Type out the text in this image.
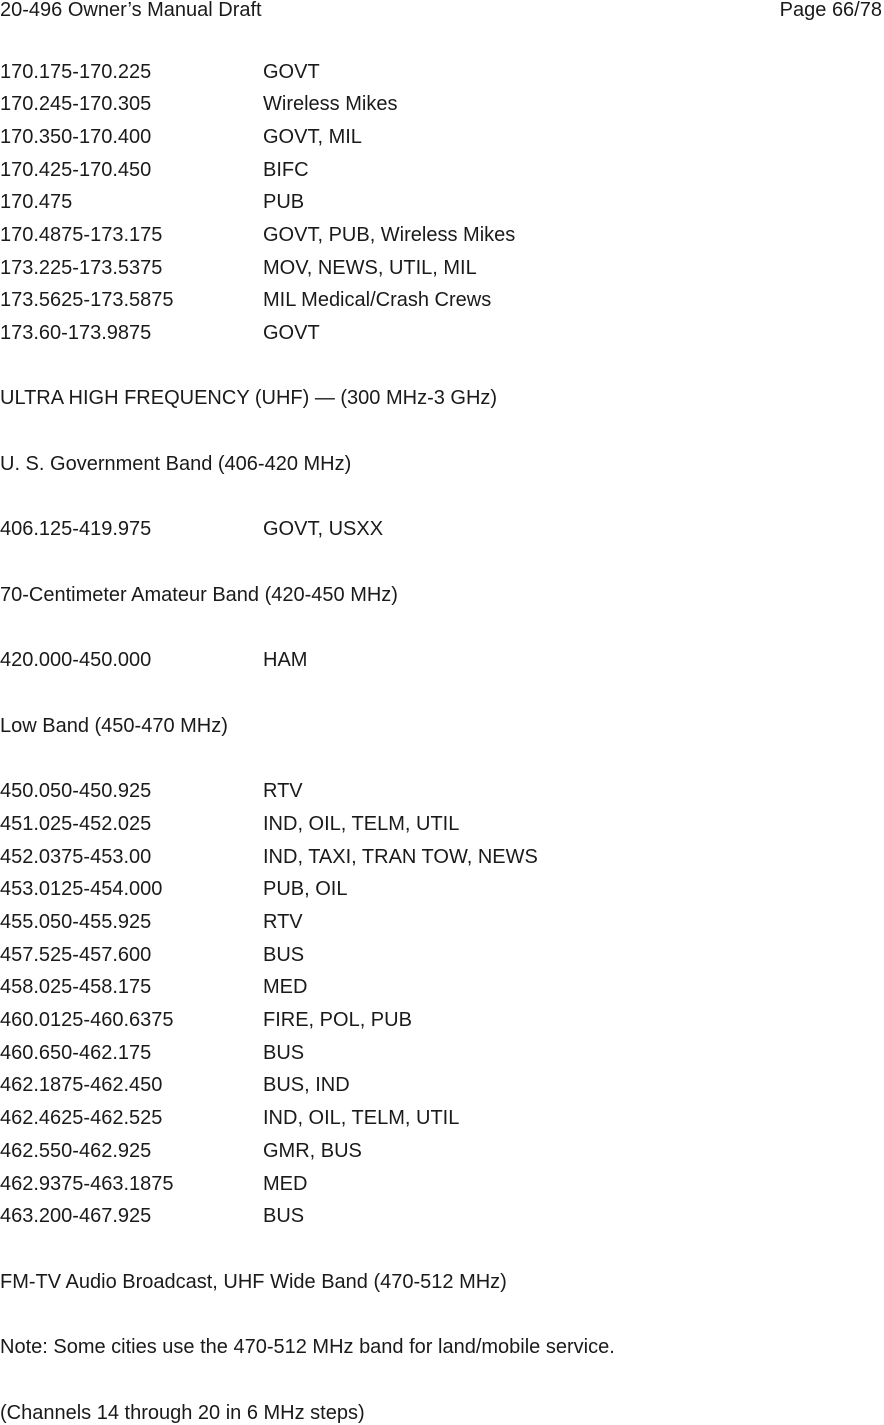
20-496 Owner’s Manual Draft	Page 66/78
170.175-170.225	GOVT
170.245-170.305	Wireless Mikes
170.350-170.400	GOVT, MIL
170.425-170.450	BIFC
170.475	PUB
170.4875-173.175	GOVT, PUB, Wireless Mikes
173.225-173.5375	MOV, NEWS, UTIL, MIL
173.5625-173.5875	MIL Medical/Crash Crews
173.60-173.9875	GOVT
ULTRA HIGH FREQUENCY (UHF) — (300 MHz-3 GHz)
U. S. Government Band (406-420 MHz)
406.125-419.975	GOVT, USXX
70-Centimeter Amateur Band (420-450 MHz)
420.000-450.000	HAM
Low Band (450-470 MHz)
450.050-450.925	RTV
451.025-452.025	IND, OIL, TELM, UTIL
452.0375-453.00	IND, TAXI, TRAN TOW, NEWS
453.0125-454.000	PUB, OIL
455.050-455.925	RTV
457.525-457.600	BUS
458.025-458.175	MED
460.0125-460.6375	FIRE, POL, PUB
460.650-462.175	BUS
462.1875-462.450	BUS, IND
462.4625-462.525	IND, OIL, TELM, UTIL
462.550-462.925	GMR, BUS
462.9375-463.1875	MED
463.200-467.925	BUS
FM-TV Audio Broadcast, UHF Wide Band (470-512 MHz)
Note: Some cities use the 470-512 MHz band for land/mobile service.
(Channels 14 through 20 in 6 MHz steps)
